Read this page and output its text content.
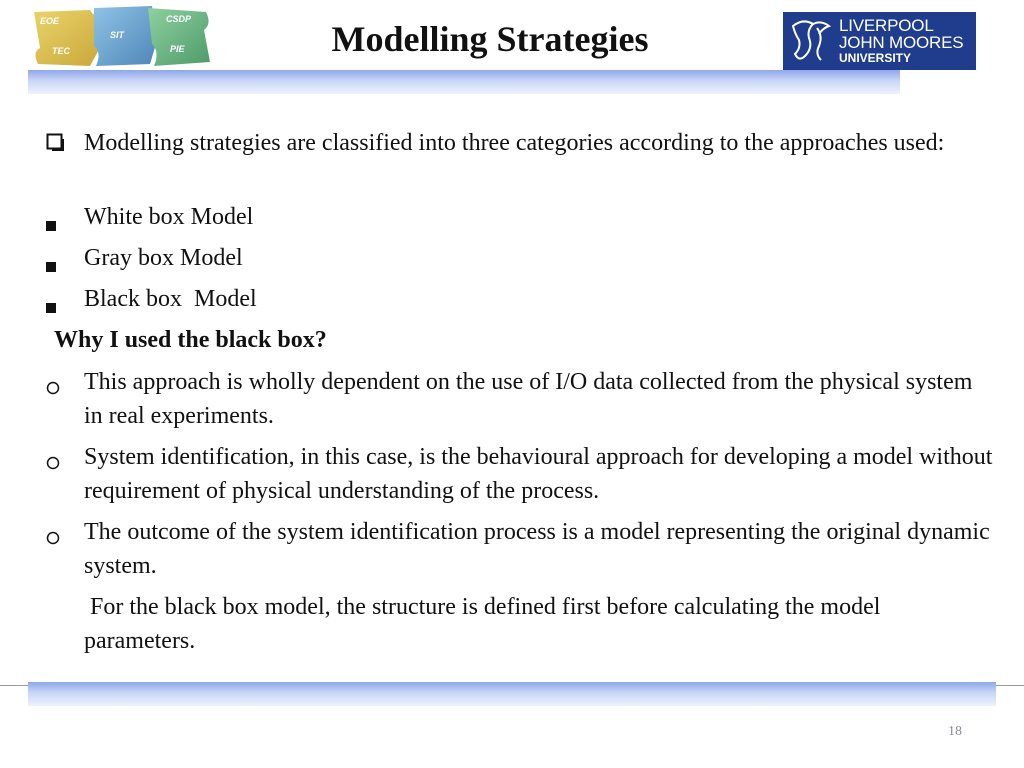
EOE	CSDP
SIT
TEC	PIE	Modelling Strategies	LIVERPOOL
JOHN MOORES
UNIVERSITY
Modelling strategies are classified into three categories according to the approaches used:
White box Model
Gray box Model
Black box  Model
Why I used the black box?
This approach is wholly dependent on the use of I/O data collected from the physical system in real experiments.
System identification, in this case, is the behavioural approach for developing a model without requirement of physical understanding of the process.
The outcome of the system identification process is a model representing the original dynamic system.
For the black box model, the structure is defined first before calculating the model parameters.
18
